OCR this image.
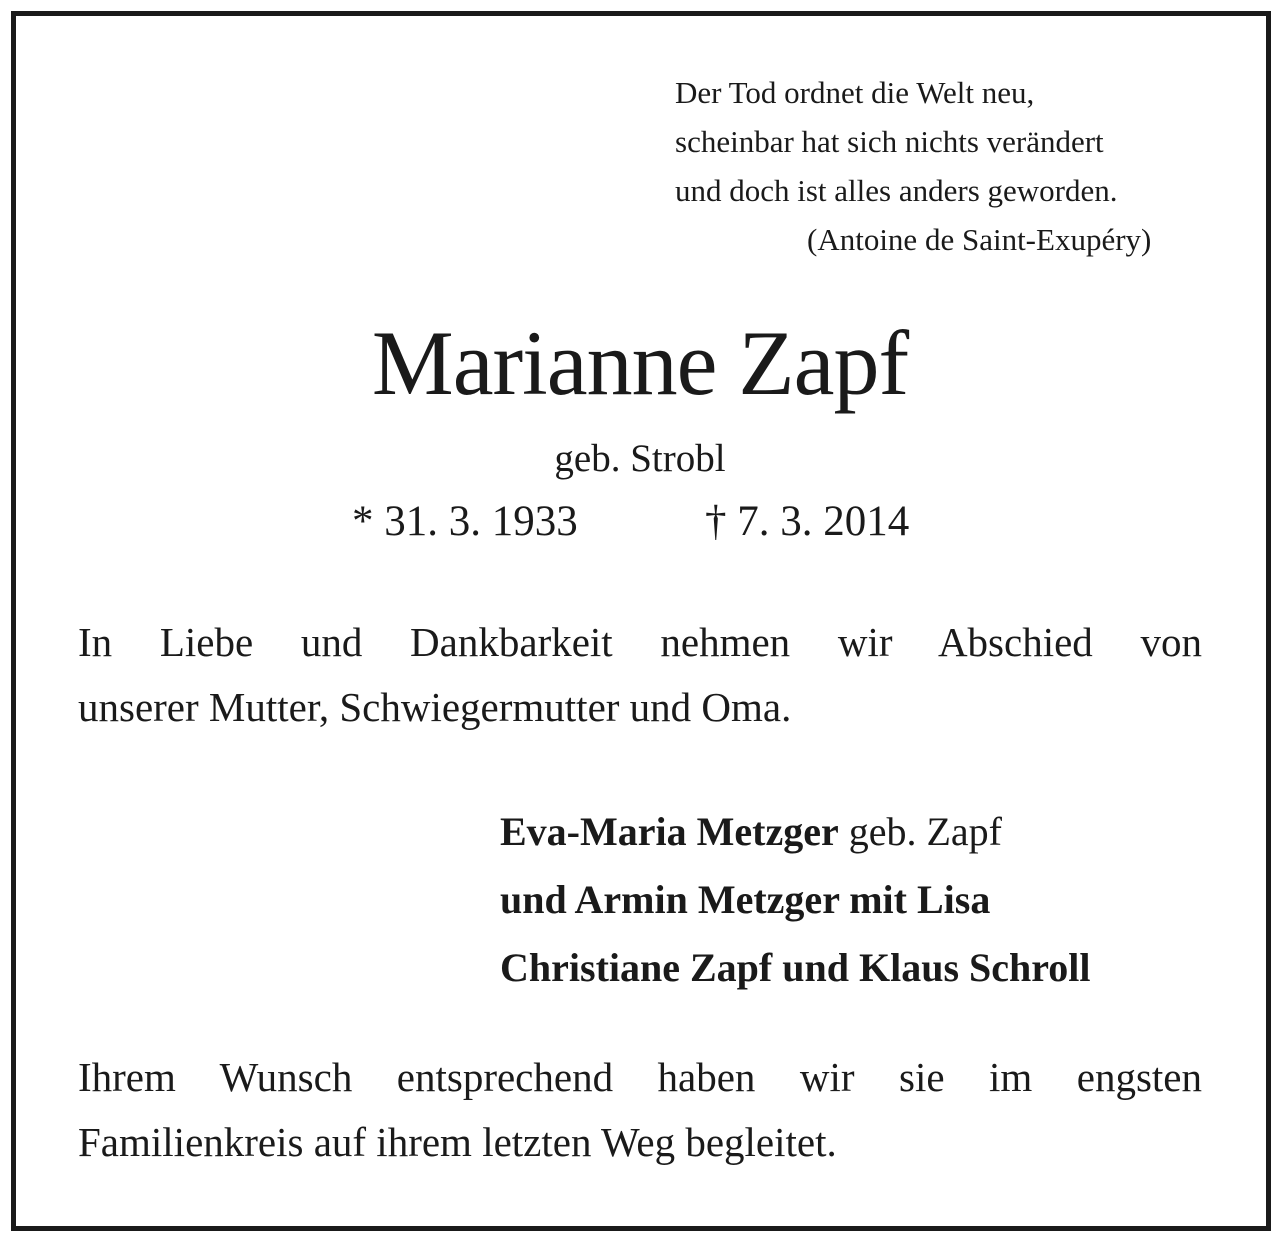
Der Tod ordnet die Welt neu,
scheinbar hat sich nichts verändert
und doch ist alles anders geworden.
(Antoine de Saint-Exupéry)
Marianne Zapf
geb. Strobl
* 31. 3. 1933	† 7. 3. 2014
In Liebe und Dankbarkeit nehmen wir Abschied von
unserer Mutter, Schwiegermutter und Oma.
Eva-Maria Metzger geb. Zapf
und Armin Metzger mit Lisa
Christiane Zapf und Klaus Schroll
Ihrem Wunsch entsprechend haben wir sie im engsten
Familienkreis auf ihrem letzten Weg begleitet.
